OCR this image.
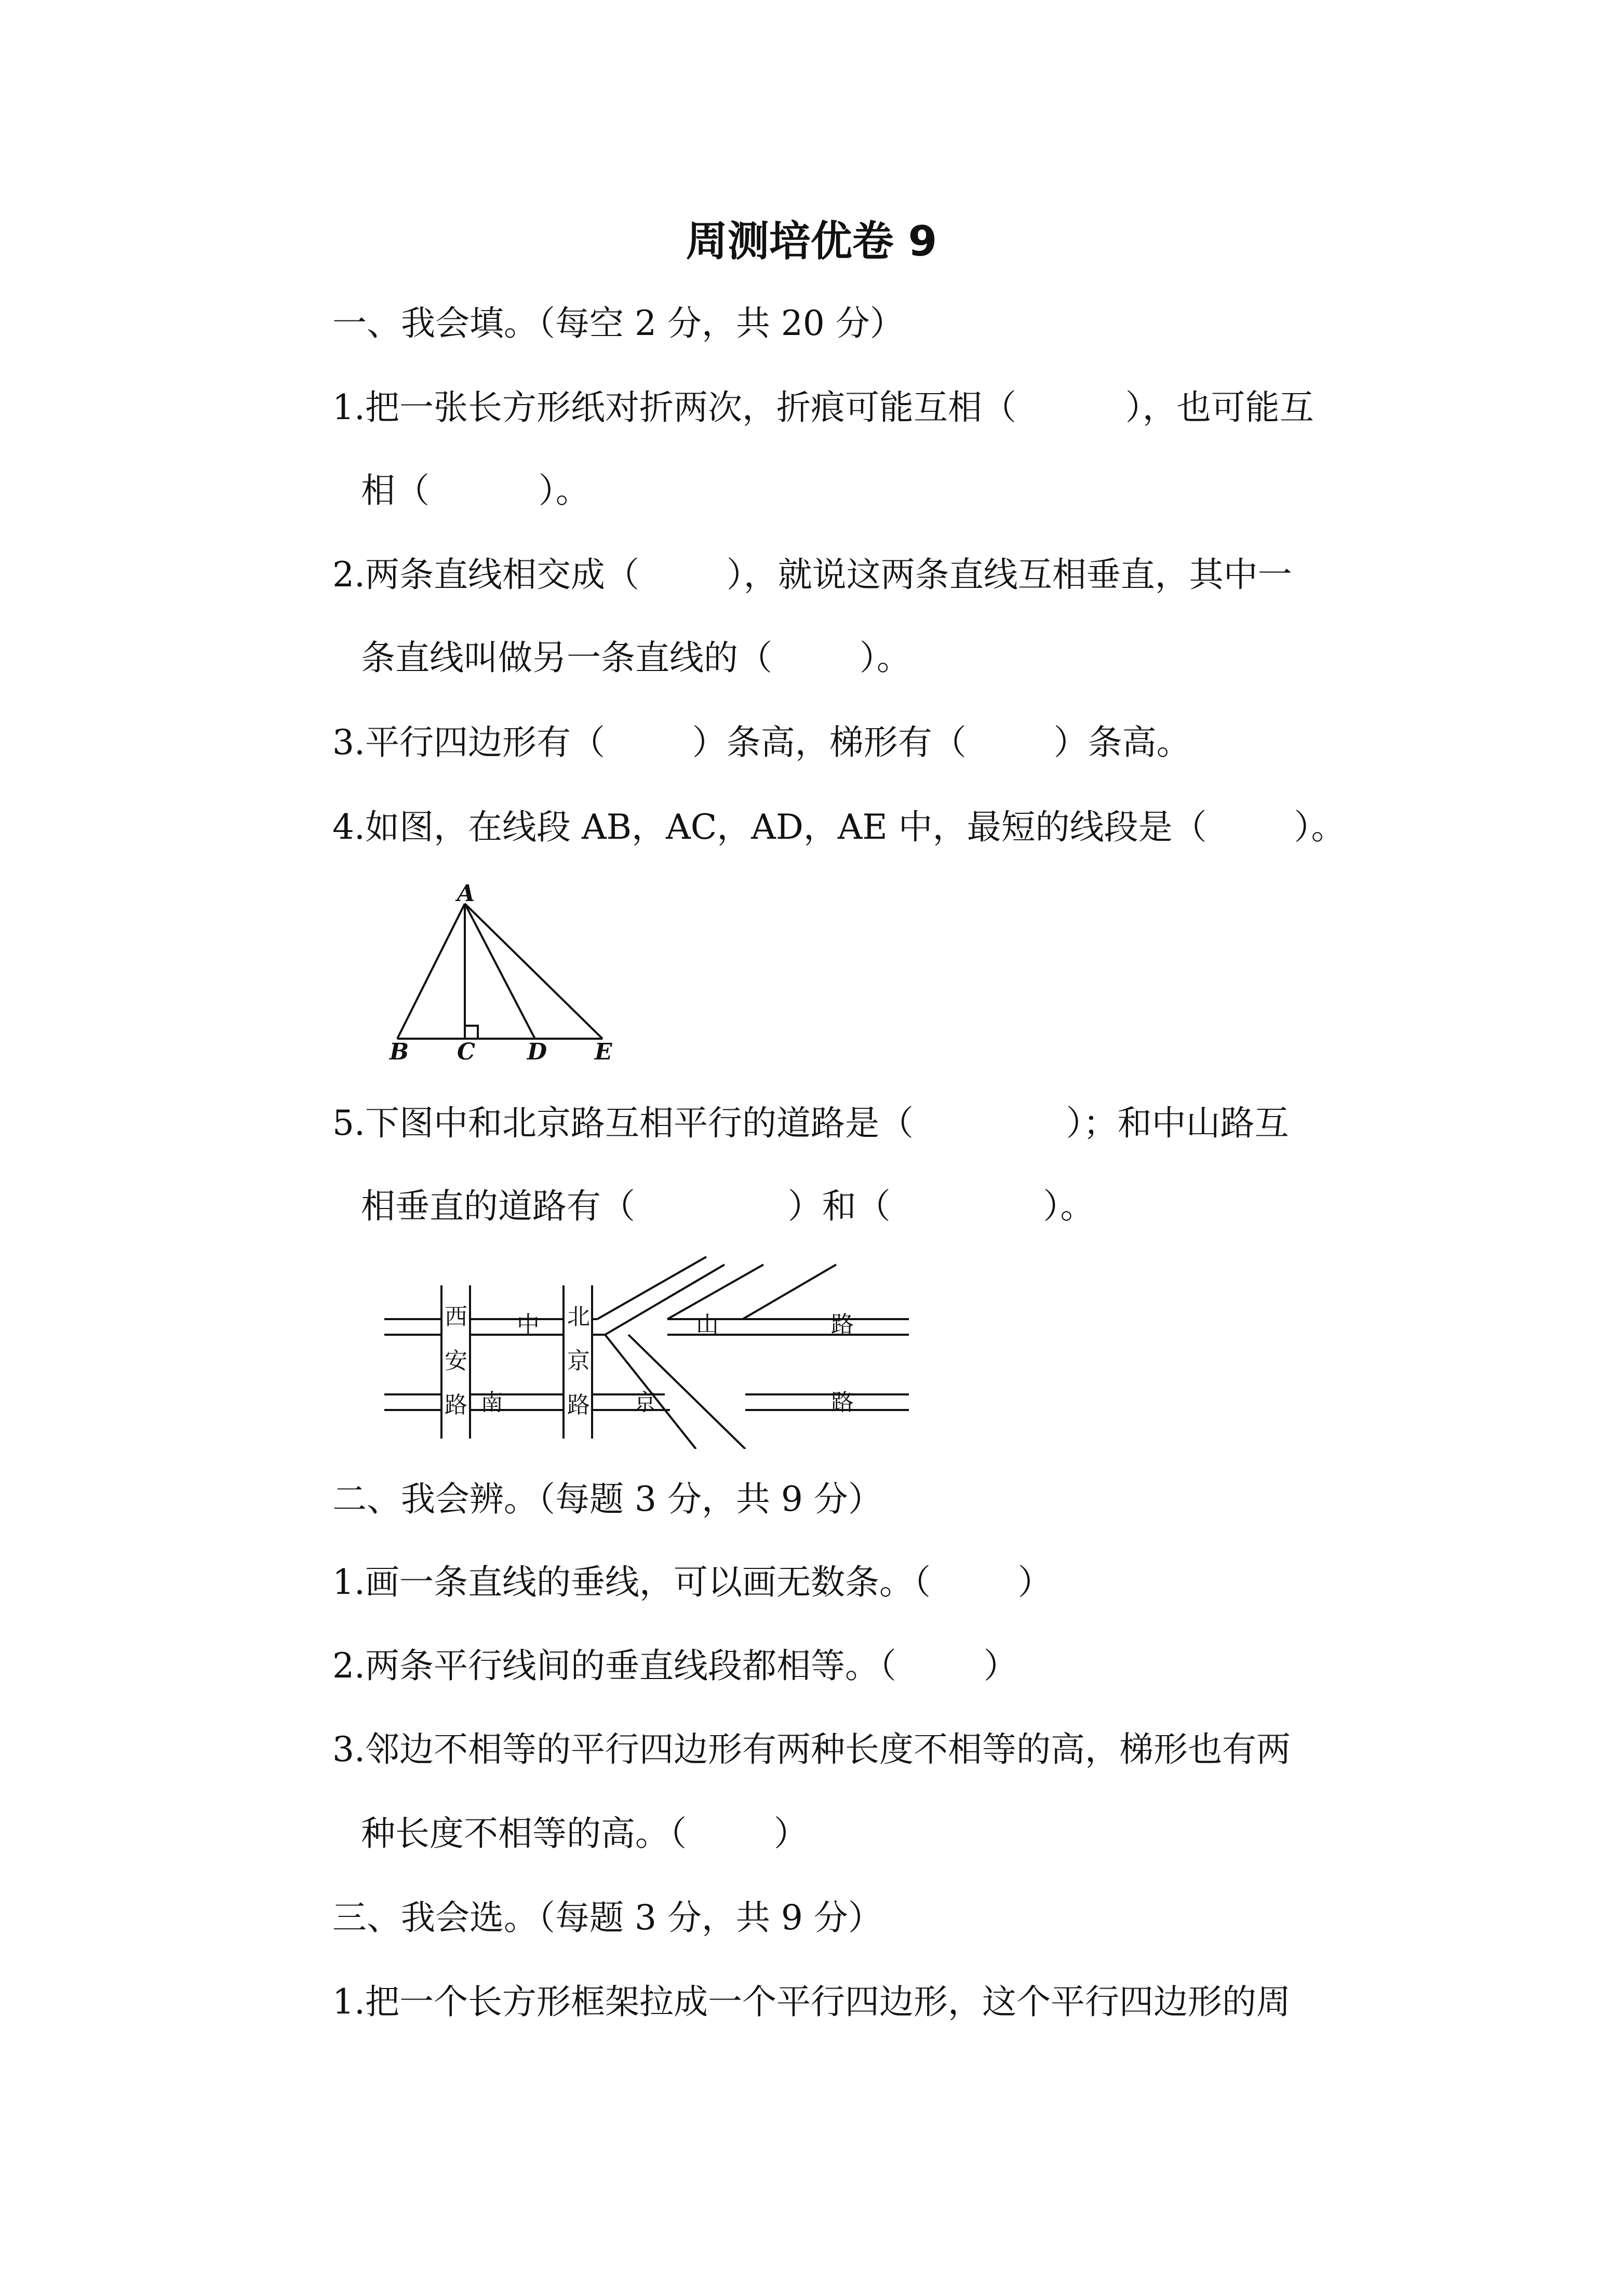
周测培优卷 9
一、我会填。（每空 2 分，共 20 分）
1.把一张长方形纸对折两次，折痕可能互相（          ），也可能互
相（          ）。
2.两条直线相交成（        ），就说这两条直线互相垂直，其中一
条直线叫做另一条直线的（        ）。
3.平行四边形有（        ）条高，梯形有（        ）条高。
4.如图，在线段 AB，AC，AD，AE 中，最短的线段是（        ）。
A
B C D E
5.下图中和北京路互相平行的道路是（              ）；和中山路互
相垂直的道路有（              ）和（              ）。
西
安
路
中 北
京
路
南	京
山	路
路
二、我会辨。（每题 3 分，共 9 分）
1.画一条直线的垂线，可以画无数条。（        ）
2.两条平行线间的垂直线段都相等。（        ）
3.邻边不相等的平行四边形有两种长度不相等的高，梯形也有两
种长度不相等的高。（        ）
三、我会选。（每题 3 分，共 9 分）
1.把一个长方形框架拉成一个平行四边形，这个平行四边形的周
